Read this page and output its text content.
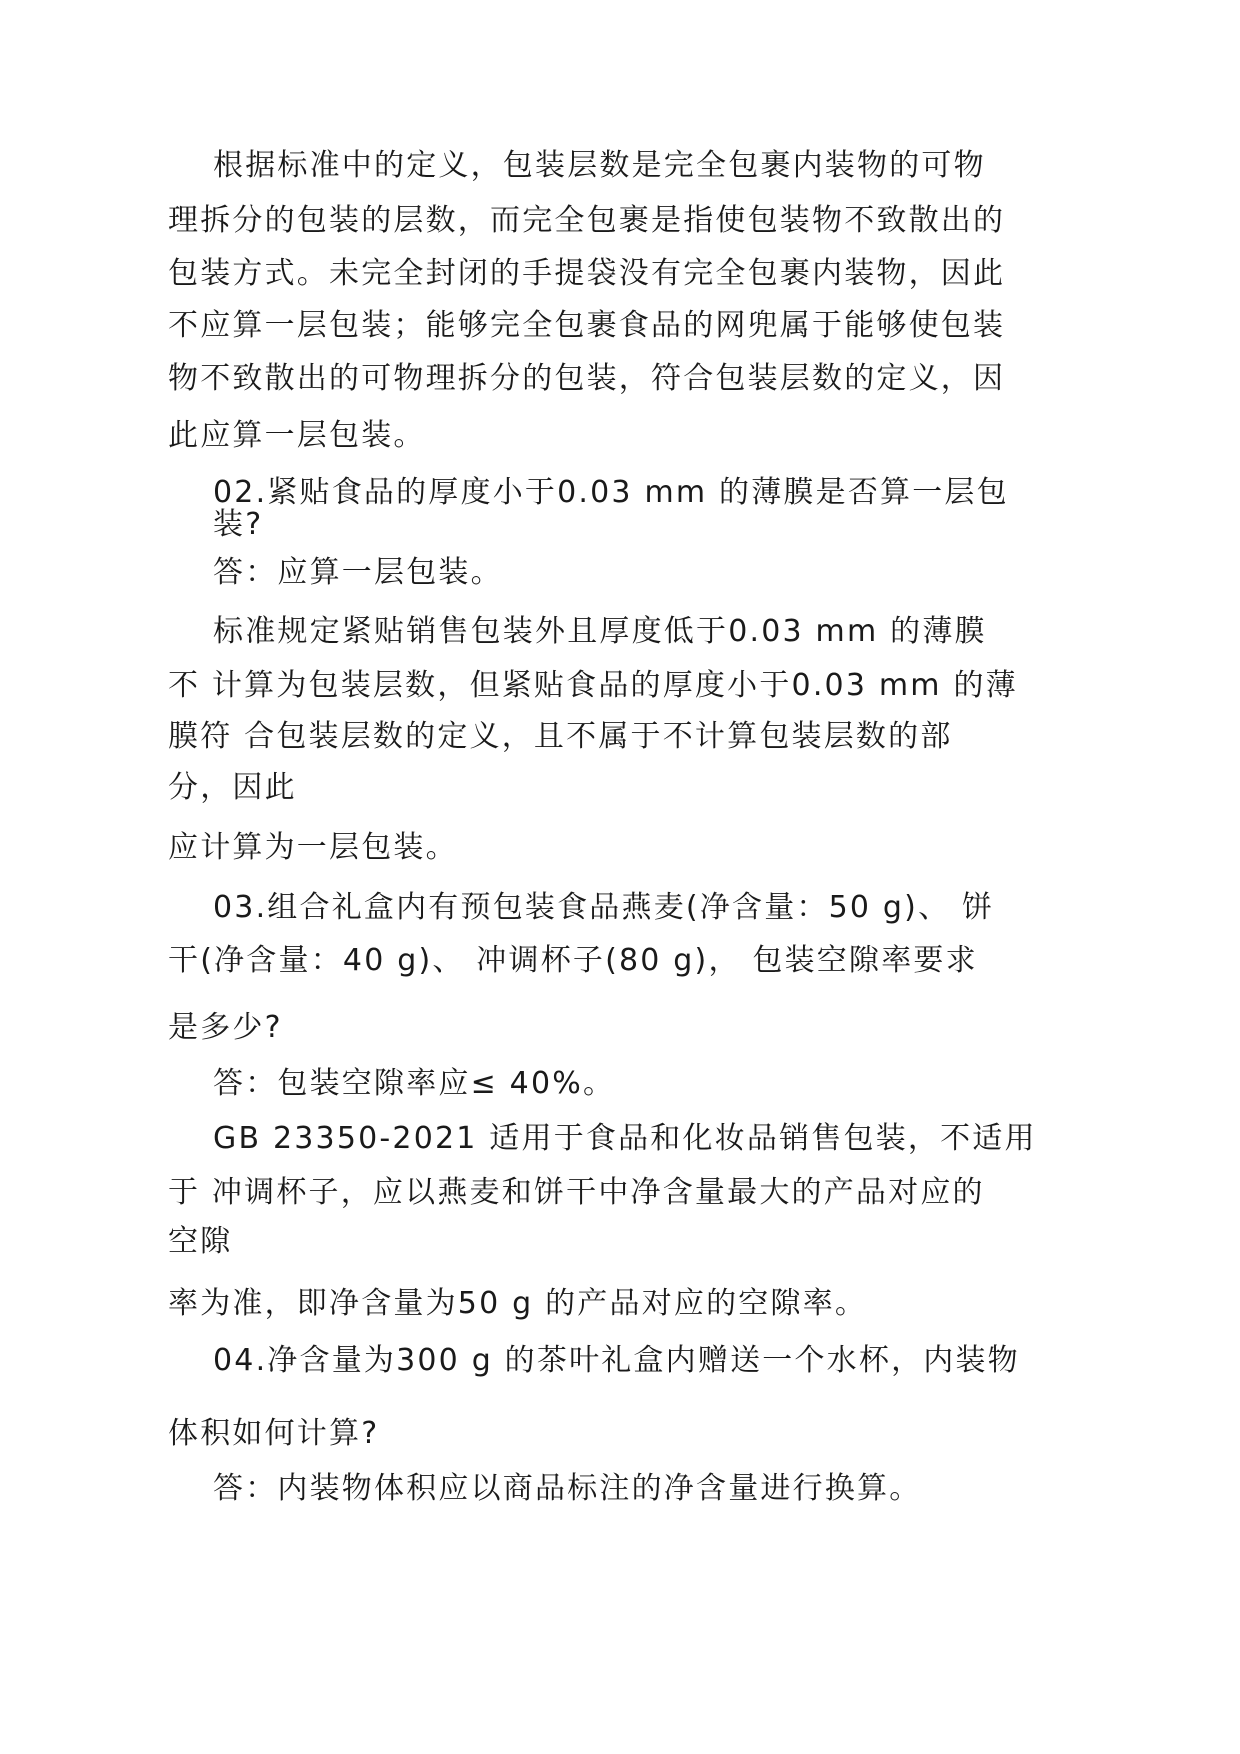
根据标准中的定义，包装层数是完全包裹内装物的可物
理拆分的包装的层数，而完全包裹是指使包装物不致散出的
包装方式。未完全封闭的手提袋没有完全包裹内装物，因此
不应算一层包装；能够完全包裹食品的网兜属于能够使包装
物不致散出的可物理拆分的包装，符合包装层数的定义，因
此应算一层包装。
02.紧贴食品的厚度小于0.03 mm 的薄膜是否算一层包
装?
答：应算一层包装。
标准规定紧贴销售包装外且厚度低于0.03 mm 的薄膜
不 计算为包装层数，但紧贴食品的厚度小于0.03 mm 的薄
膜符 合包装层数的定义，且不属于不计算包装层数的部
分，因此
应计算为一层包装。
03.组合礼盒内有预包装食品燕麦(净含量：50 g)、 饼
干(净含量：40 g)、 冲调杯子(80 g)， 包装空隙率要求
是多少?
答：包装空隙率应≤ 40%。
GB 23350-2021 适用于食品和化妆品销售包装，不适用
于 冲调杯子，应以燕麦和饼干中净含量最大的产品对应的
空隙
率为准，即净含量为50 g 的产品对应的空隙率。
04.净含量为300 g 的茶叶礼盒内赠送一个水杯，内装物
体积如何计算?
答：内装物体积应以商品标注的净含量进行换算。
